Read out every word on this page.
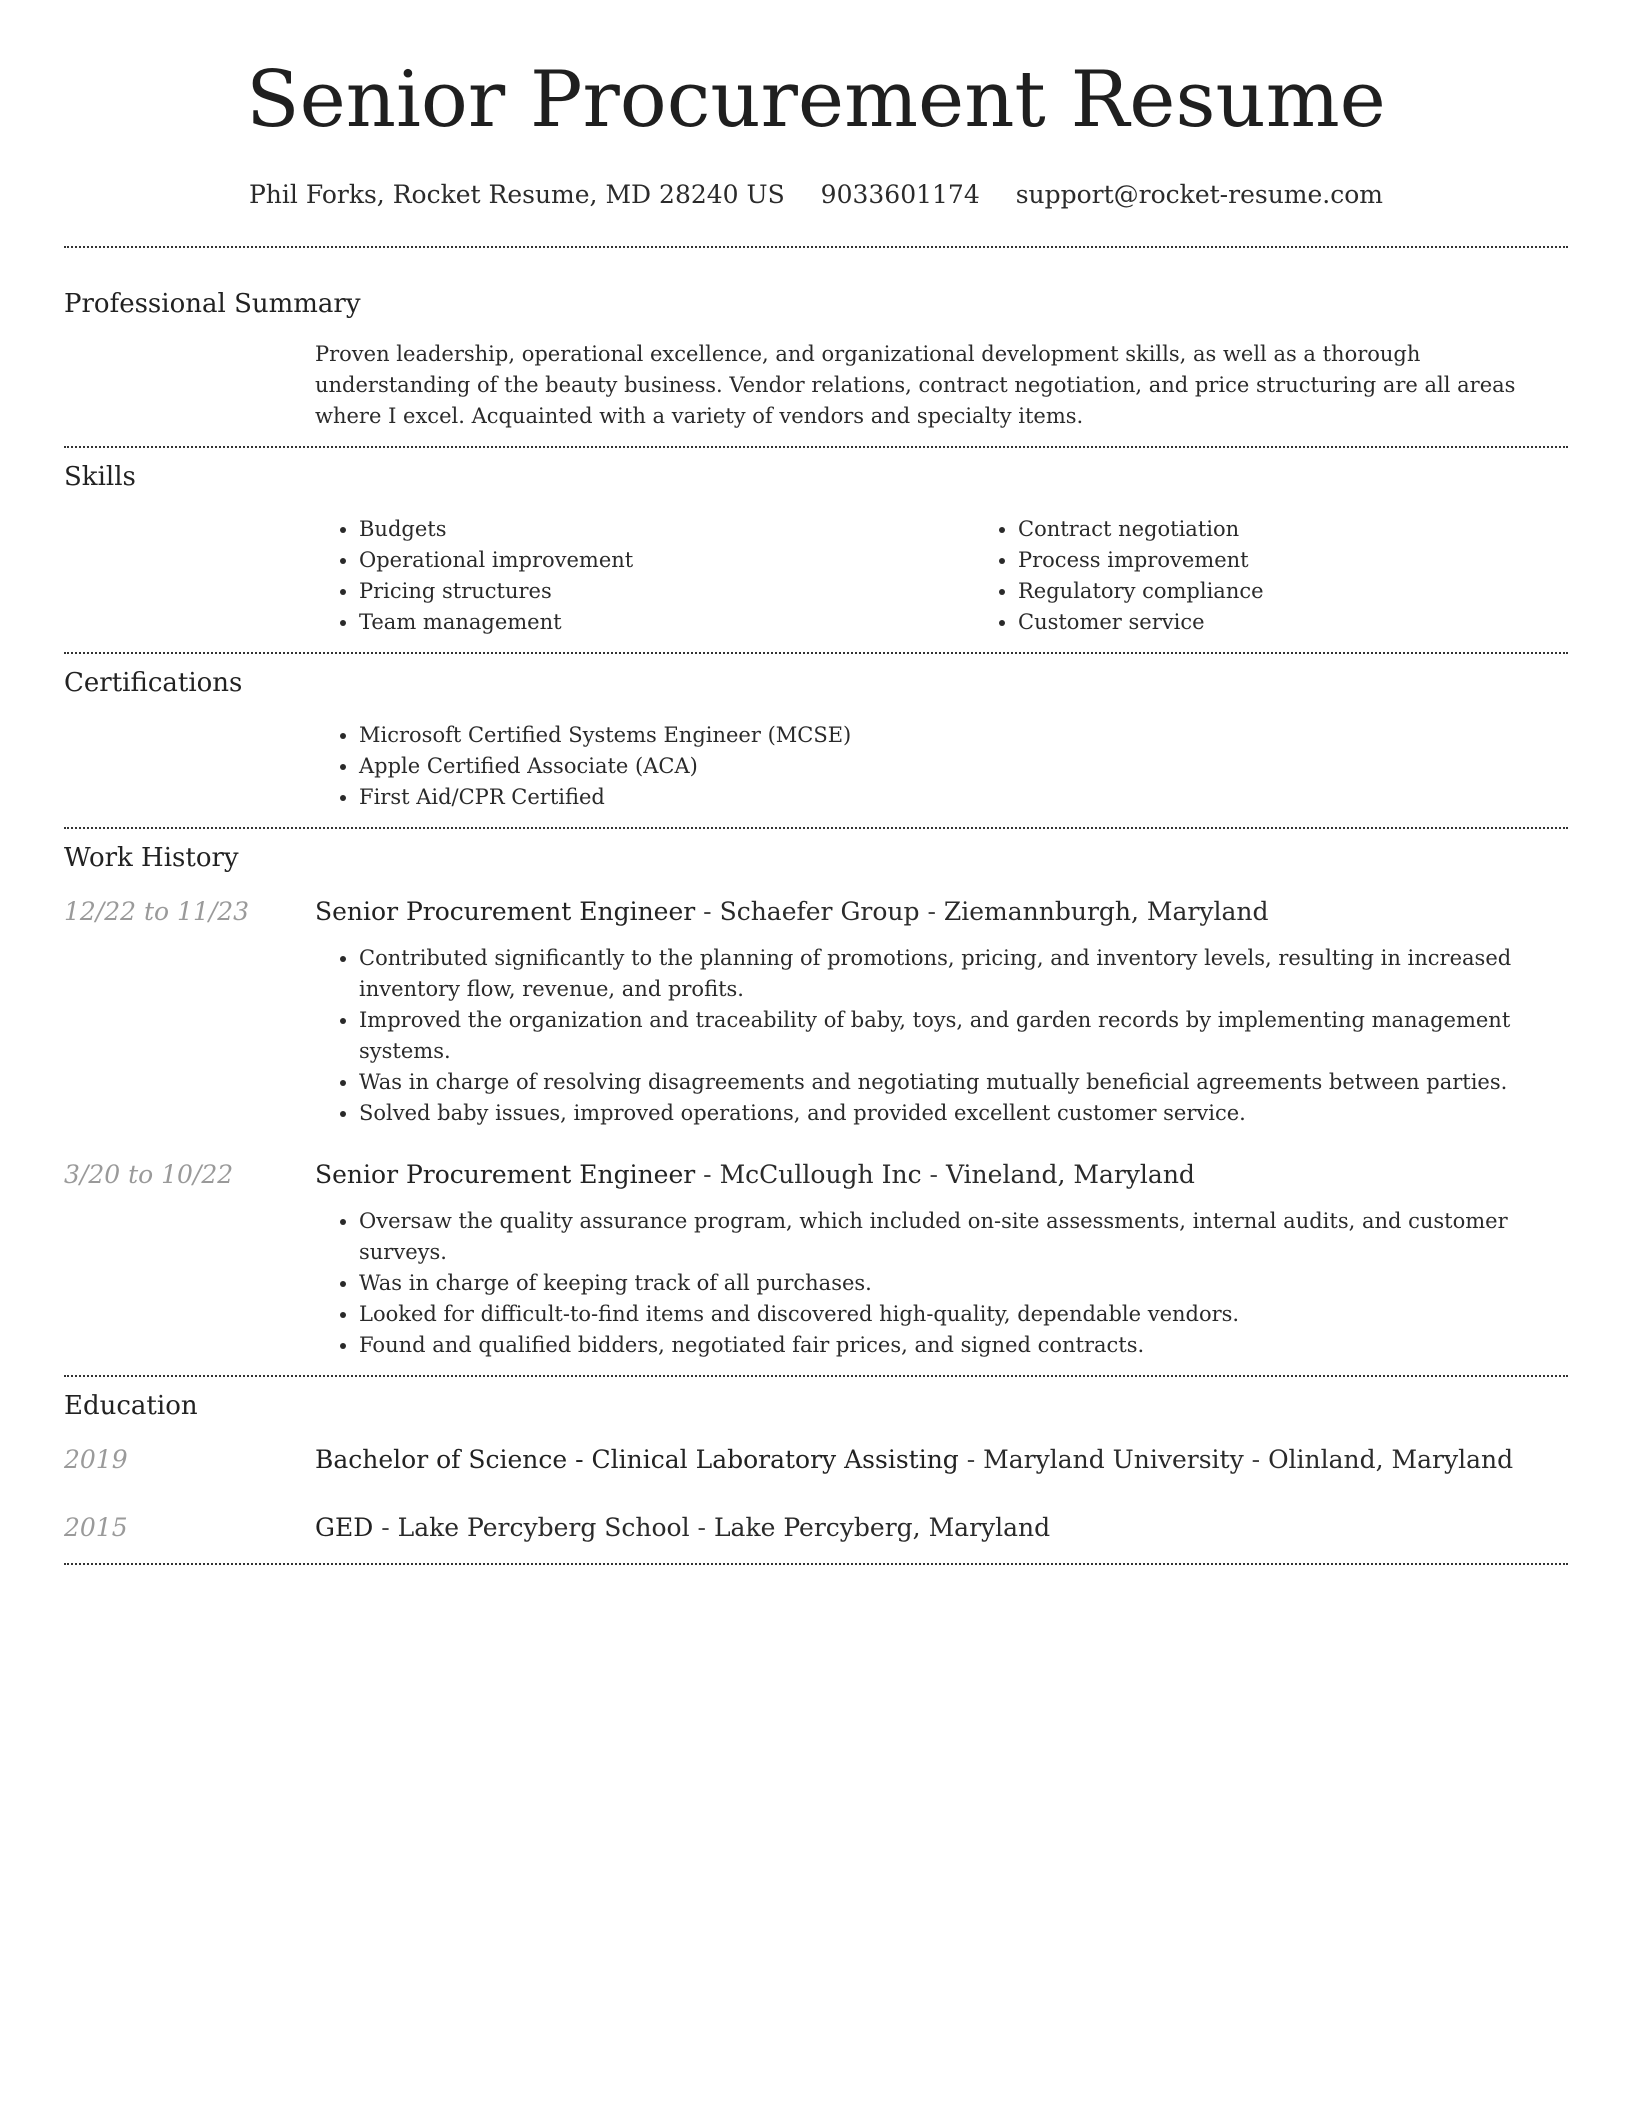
Senior Procurement Resume
Phil Forks, Rocket Resume, MD 28240 US 9033601174 support@rocket-resume.com
Professional Summary

Proven leadership, operational excellence, and organizational development skills, as well as a thorough understanding of the beauty business. Vendor relations, contract negotiation, and price structuring are all areas where I excel. Acquainted with a variety of vendors and specialty items.

Skills
• Budgets
• Operational improvement
• Pricing structures
• Team management
• Contract negotiation
• Process improvement
• Regulatory compliance
• Customer service
Certifications
• Microsoft Certified Systems Engineer (MCSE)
• Apple Certified Associate (ACA)
• First Aid/CPR Certified
Work History
12/22 to 11/23	Senior Procurement Engineer - Schaefer Group - Ziemannburgh, Maryland

• Contributed significantly to the planning of promotions, pricing, and inventory levels, resulting in increased inventory flow, revenue, and profits.
• Improved the organization and traceability of baby, toys, and garden records by implementing management systems.
• Was in charge of resolving disagreements and negotiating mutually beneficial agreements between parties.
• Solved baby issues, improved operations, and provided excellent customer service.
3/20 to 10/22	Senior Procurement Engineer - McCullough Inc - Vineland, Maryland

• Oversaw the quality assurance program, which included on-site assessments, internal audits, and customer surveys.
• Was in charge of keeping track of all purchases.
• Looked for difficult-to-find items and discovered high-quality, dependable vendors.
• Found and qualified bidders, negotiated fair prices, and signed contracts.
Education
2019	Bachelor of Science - Clinical Laboratory Assisting - Maryland University - Olinland, Maryland

2015	GED - Lake Percyberg School - Lake Percyberg, Maryland
